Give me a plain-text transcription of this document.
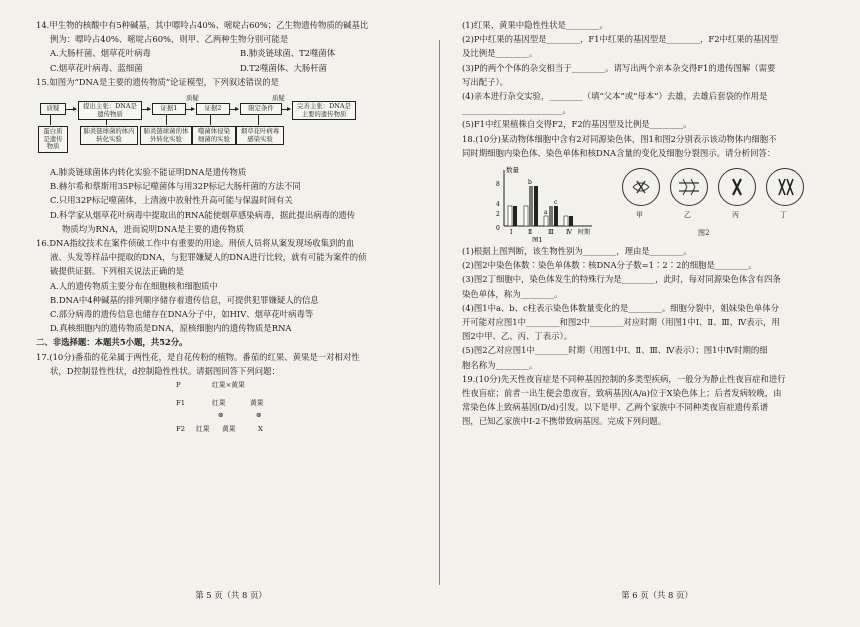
14.甲生物的核酸中有5种碱基，其中嘌呤占40%、嘧啶占60%；乙生物遗传物质的碱基比
例为：嘌呤占40%、嘧啶占60%，则甲、乙两种生物分别可能是
A.大肠杆菌、烟草花叶病毒	B.肺炎链球菌、T2噬菌体
C.烟草花叶病毒、蓝细菌	D.T2噬菌体、大肠杆菌
15.如图为“DNA是主要的遗传物质”论证模型，下列叙述错误的是
质疑	质疑
质疑	提出主张：DNA是遗传物质
证据1	证据2	限定条件	完善主张：DNA是主要的遗传物质
蛋白质是遗传物质
肺炎链球菌的体内转化实验
肺炎链球菌的体外转化实验
噬菌体侵染细菌的实验
烟草花叶病毒感染实验
A.肺炎链球菌体内转化实验不能证明DNA是遗传物质
B.赫尔希和蔡斯用35P标记噬菌体与用32P标记大肠杆菌的方法不同
C.只用32P标记噬菌体，上清液中放射性升高可能与保温时间有关
D.科学家从烟草花叶病毒中提取出的RNA能使烟草感染病毒，据此提出病毒的遗传
物质均为RNA，进而说明DNA是主要的遗传物质
16.DNA指纹技术在案件侦破工作中有重要的用途。刑侦人员将从案发现场收集到的血
液、头发等样品中提取的DNA，与犯罪嫌疑人的DNA进行比较，就有可能为案件的侦
破提供证据。下列相关说法正确的是
A.人的遗传物质主要分布在细胞核和细胞质中
B.DNA中4种碱基的排列顺序储存着遗传信息，可提供犯罪嫌疑人的信息
C.部分病毒的遗传信息也储存在DNA分子中，如HIV、烟草花叶病毒等
D.真核细胞内的遗传物质是DNA，原核细胞内的遗传物质是RNA
二、非选择题：本题共5小题，共52分。
17.(10分)番茄的花朵属于两性花，是自花传粉的植物。番茄的红果、黄果是一对相对性
状，D控制显性性状，d控制隐性性状。请据图回答下列问题：
P	红果×黄果
F1	红果	黄果
⊗	⊗
F2 红果 黄果	X
第 5 页（共 8 页）
(1)红果、黄果中隐性性状是________。
(2)P中红果的基因型是________，F1中红果的基因型是________，F2中红果的基因型
及比例是________。
(3)P的两个个体的杂交相当于________。请写出两个亲本杂交得F1的遗传图解（需要
写出配子）。
(4)亲本进行杂交实验，________（填“父本”或“母本”）去雄，去雄后套袋的作用是
________________________。
(5)F1中红果植株自交得F2，F2的基因型及比例是________。
18.(10分)某动物体细胞中含有2对同源染色体，图1和图2分别表示该动物体内细胞不
同时期细胞内染色体、染色单体和核DNA含量的变化及细胞分裂图示。请分析回答：
数量
8
4
2
0
b
a
c
Ⅰ	Ⅱ	Ⅲ Ⅳ 时期
图1
甲	乙	丙	丁
图2
(1)根据上图判断，该生物性别为________，理由是________。
(2)图2中染色体数∶染色单体数∶核DNA分子数=1∶2∶2的细胞是________。
(3)图2丁细胞中，染色体发生的特殊行为是________，此时，每对同源染色体含有四条
染色单体，称为________。
(4)图1中a、b、c柱表示染色体数量变化的是________。细胞分裂中，姐妹染色单体分
开可能对应图1中________和图2中________对应时期（用图1中Ⅰ、Ⅱ、Ⅲ、Ⅳ表示，用
图2中甲、乙、丙、丁表示）。
(5)图2乙对应图1中________时期（用图1中Ⅰ、Ⅱ、Ⅲ、Ⅳ表示）；图1中Ⅳ时期的细
胞名称为________。
19.(10分)先天性夜盲症是不同种基因控制的多类型疾病，一般分为静止性夜盲症和进行
性夜盲症；前者一出生便会患夜盲，致病基因(A/a)位于X染色体上；后者发病较晚，由
常染色体上致病基因(D/d)引发。以下是甲、乙两个家族中不同种类夜盲症遗传系谱
图，已知乙家族中Ⅰ-2不携带致病基因。完成下列问题。
第 6 页（共 8 页）
